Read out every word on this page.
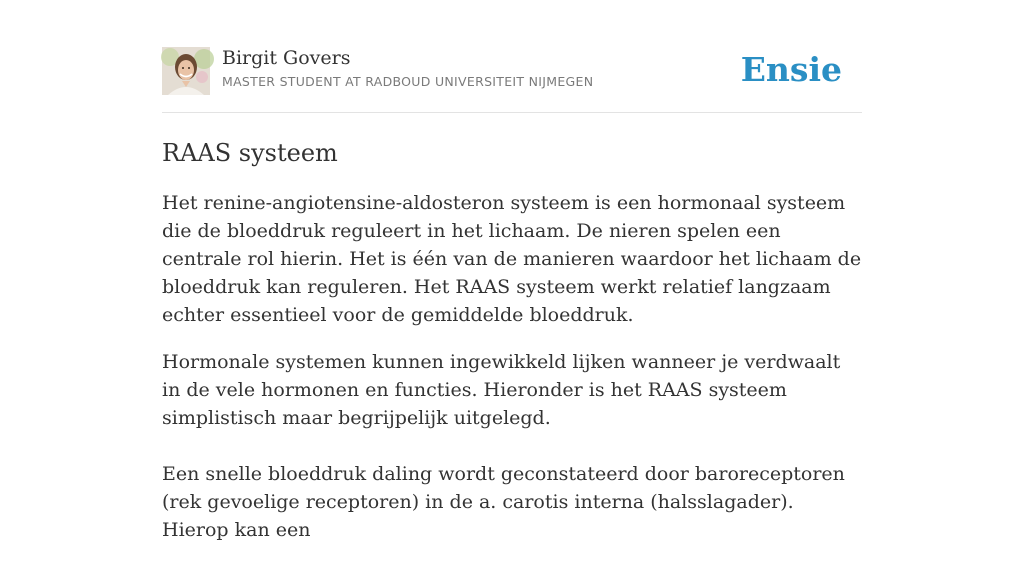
Birgit Govers
MASTER STUDENT AT RADBOUD UNIVERSITEIT NIJMEGEN	Ensie
RAAS systeem

Het renine-angiotensine-aldosteron systeem is een hormonaal systeem die de bloeddruk reguleert in het lichaam. De nieren spelen een centrale rol hierin. Het is één van de manieren waardoor het lichaam de bloeddruk kan reguleren. Het RAAS systeem werkt relatief langzaam echter essentieel voor de gemiddelde bloeddruk.

Hormonale systemen kunnen ingewikkeld lijken wanneer je verdwaalt in de vele hormonen en functies. Hieronder is het RAAS systeem simplistisch maar begrijpelijk uitgelegd.

Een snelle bloeddruk daling wordt geconstateerd door baroreceptoren (rek gevoelige receptoren) in de a. carotis interna (halsslagader). Hierop kan een
